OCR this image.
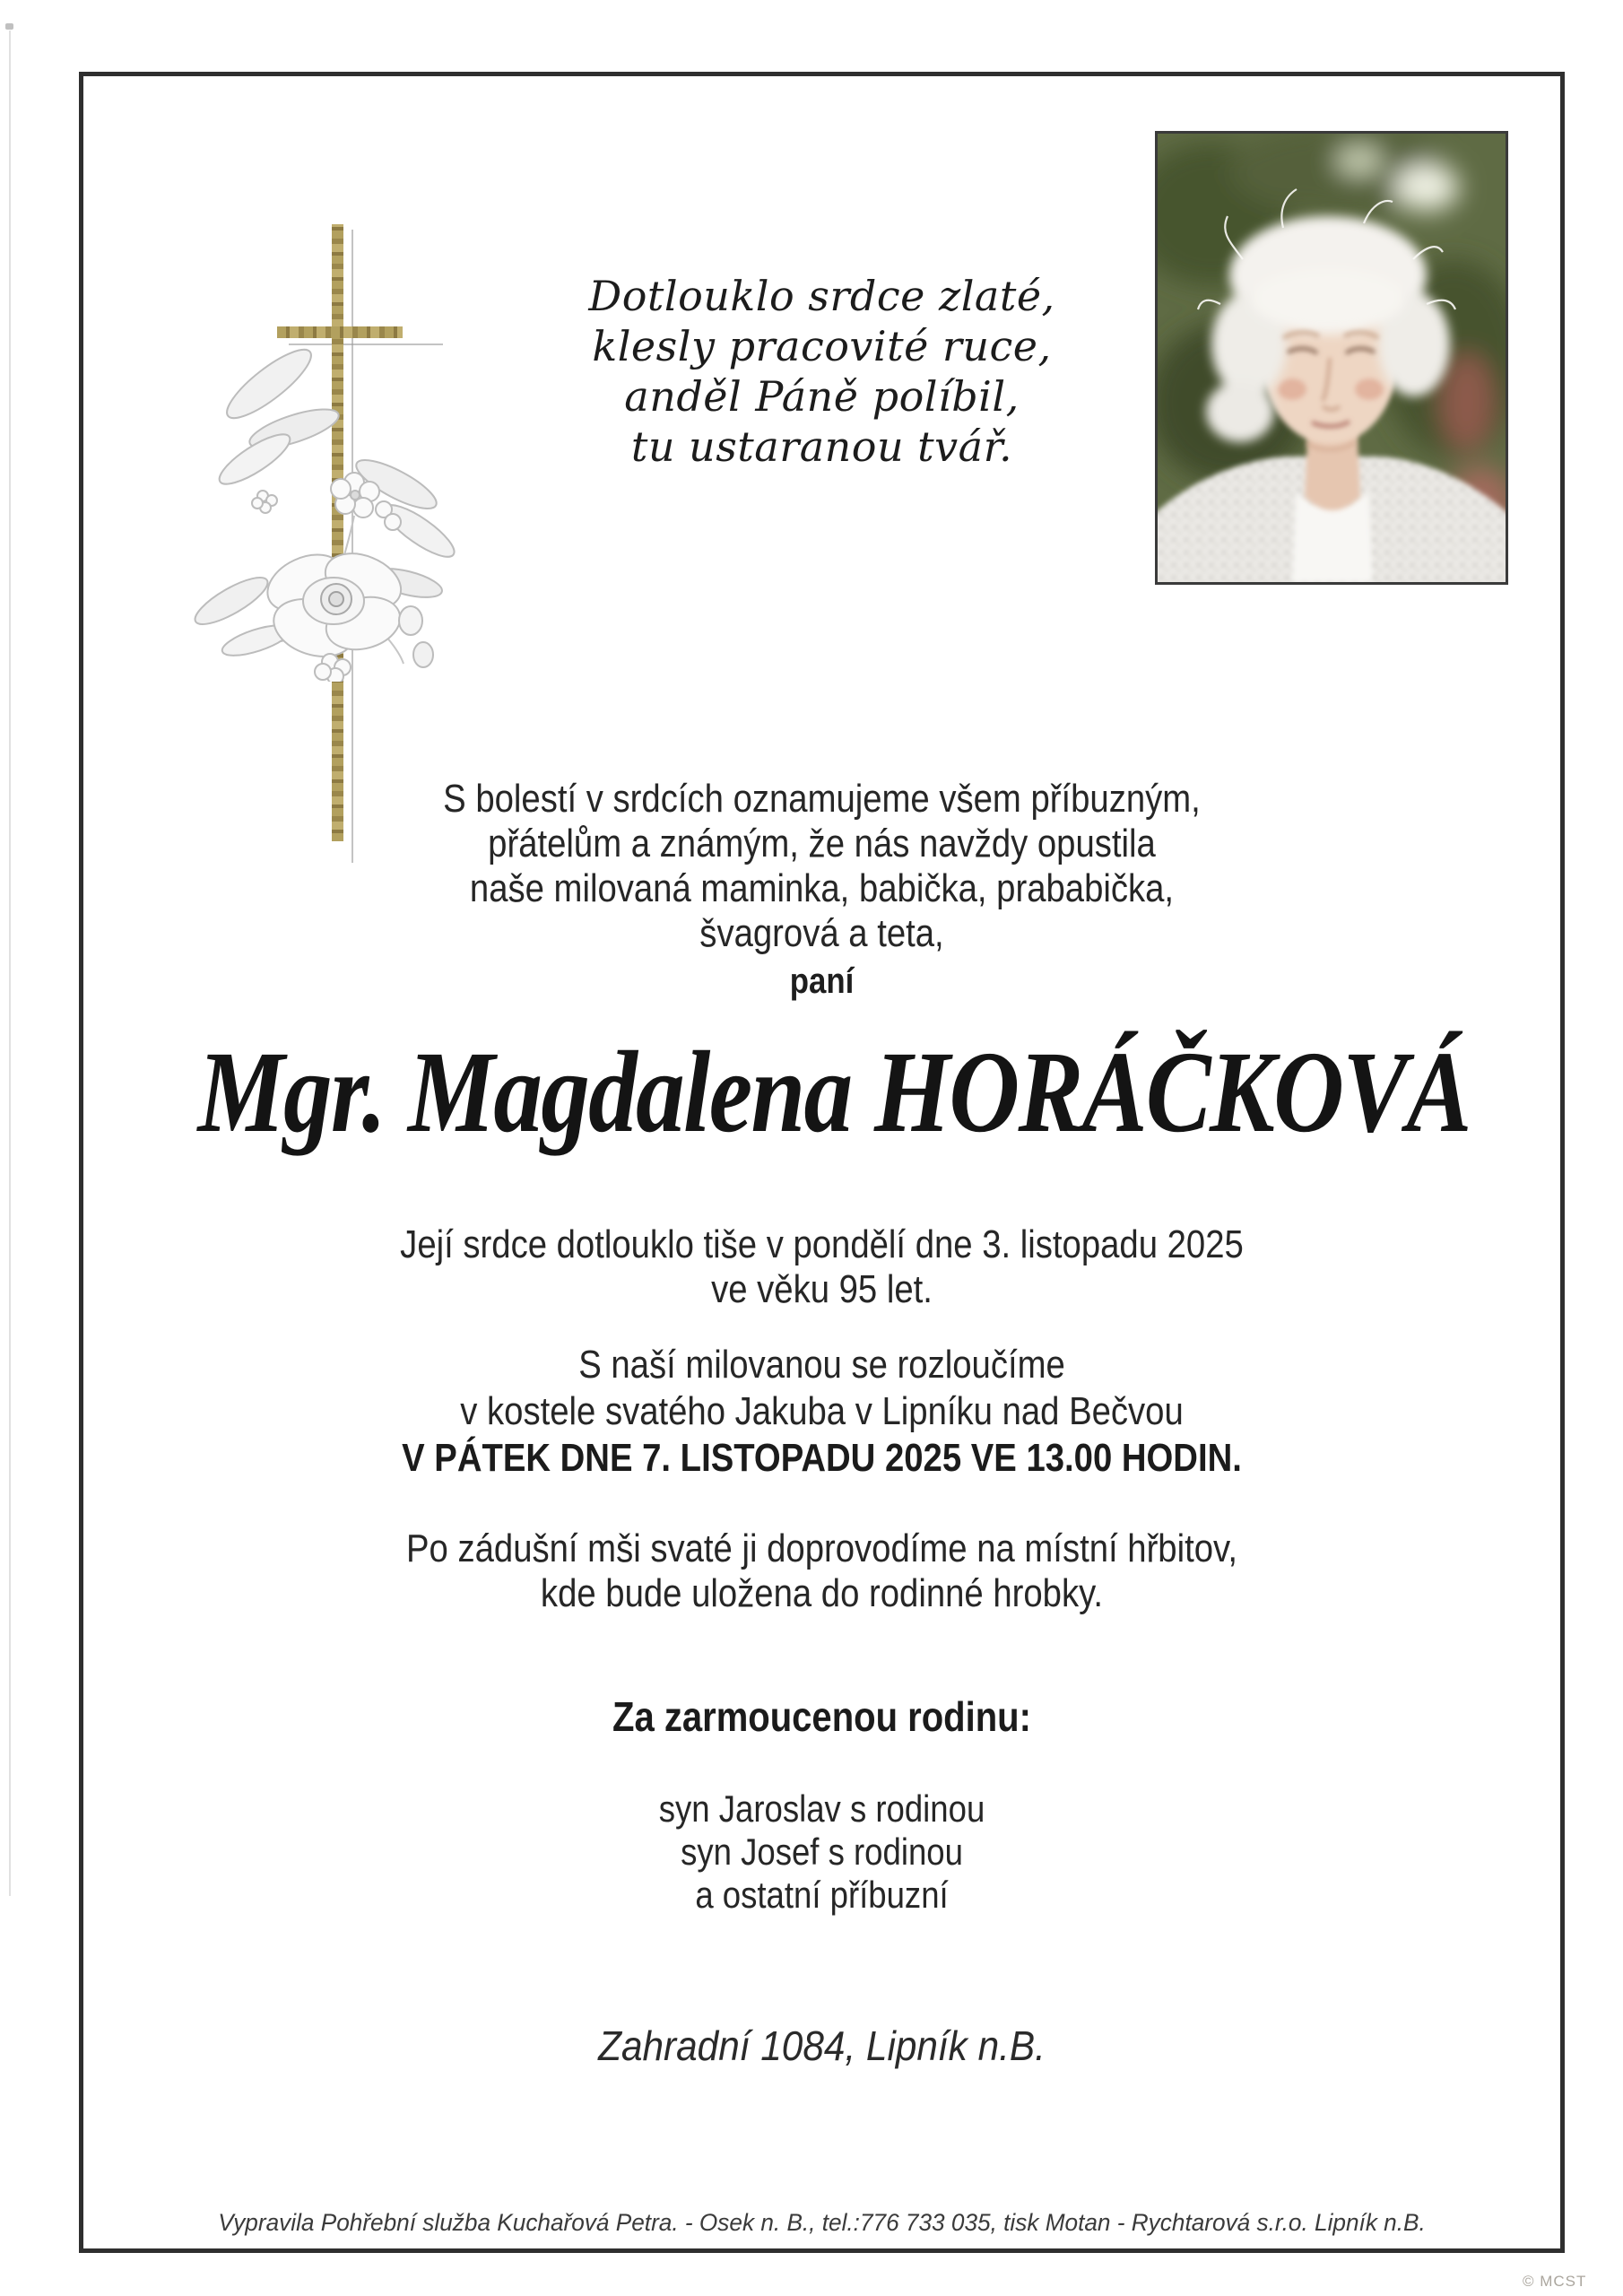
Dotlouklo srdce zlaté,
klesly pracovité ruce,
anděl Páně políbil,
tu ustaranou tvář.
S bolestí v srdcích oznamujeme všem příbuzným,
přátelům a známým, že nás navždy opustila
naše milovaná maminka, babička, prababička,
švagrová a teta,
paní
Mgr. Magdalena HORÁČKOVÁ
Její srdce dotlouklo tiše v pondělí dne 3. listopadu 2025
ve věku 95 let.
S naší milovanou se rozloučíme
v kostele svatého Jakuba v Lipníku nad Bečvou
V PÁTEK DNE 7. LISTOPADU 2025 VE 13.00 HODIN.
Po zádušní mši svaté ji doprovodíme na místní hřbitov,
kde bude uložena do rodinné hrobky.
Za zarmoucenou rodinu:
syn Jaroslav s rodinou
syn Josef s rodinou
a ostatní příbuzní
Zahradní 1084, Lipník n.B.
Vypravila Pohřební služba Kuchařová Petra. - Osek n. B., tel.:776 733 035, tisk Motan - Rychtarová s.r.o. Lipník n.B.
© MCST
